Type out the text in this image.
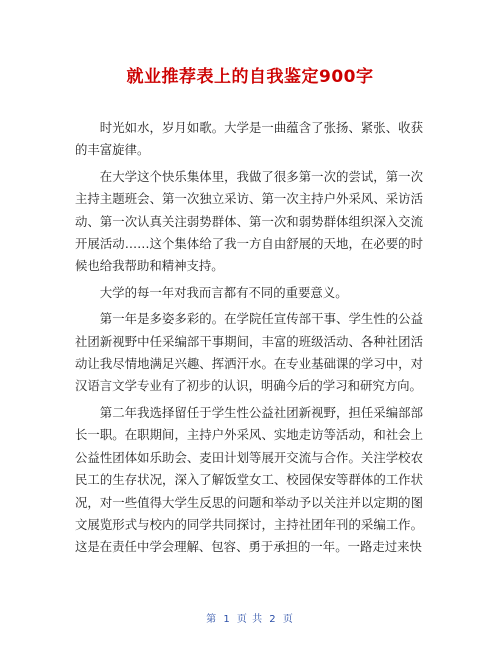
就业推荐表上的自我鉴定900字

时光如水，岁月如歌。大学是一曲蕴含了张扬、紧张、收获的丰富旋律。

在大学这个快乐集体里，我做了很多第一次的尝试，第一次主持主题班会、第一次独立采访、第一次主持户外采风、采访活动、第一次认真关注弱势群体、第一次和弱势群体组织深入交流开展活动……这个集体给了我一方自由舒展的天地，在必要的时候也给我帮助和精神支持。

大学的每一年对我而言都有不同的重要意义。

第一年是多姿多彩的。在学院任宣传部干事、学生性的公益社团新视野中任采编部干事期间，丰富的班级活动、各种社团活动让我尽情地满足兴趣、挥洒汗水。在专业基础课的学习中，对汉语言文学专业有了初步的认识，明确今后的学习和研究方向。

第二年我选择留任于学生性公益社团新视野，担任采编部部长一职。在职期间，主持户外采风、实地走访等活动，和社会上公益性团体如乐助会、麦田计划等展开交流与合作。关注学校农民工的生存状况，深入了解饭堂女工、校园保安等群体的工作状况，对一些值得大学生反思的问题和举动予以关注并以定期的图文展览形式与校内的同学共同探讨，主持社团年刊的采编工作。这是在责任中学会理解、包容、勇于承担的一年。一路走过来快

第 1 页 共 2 页
